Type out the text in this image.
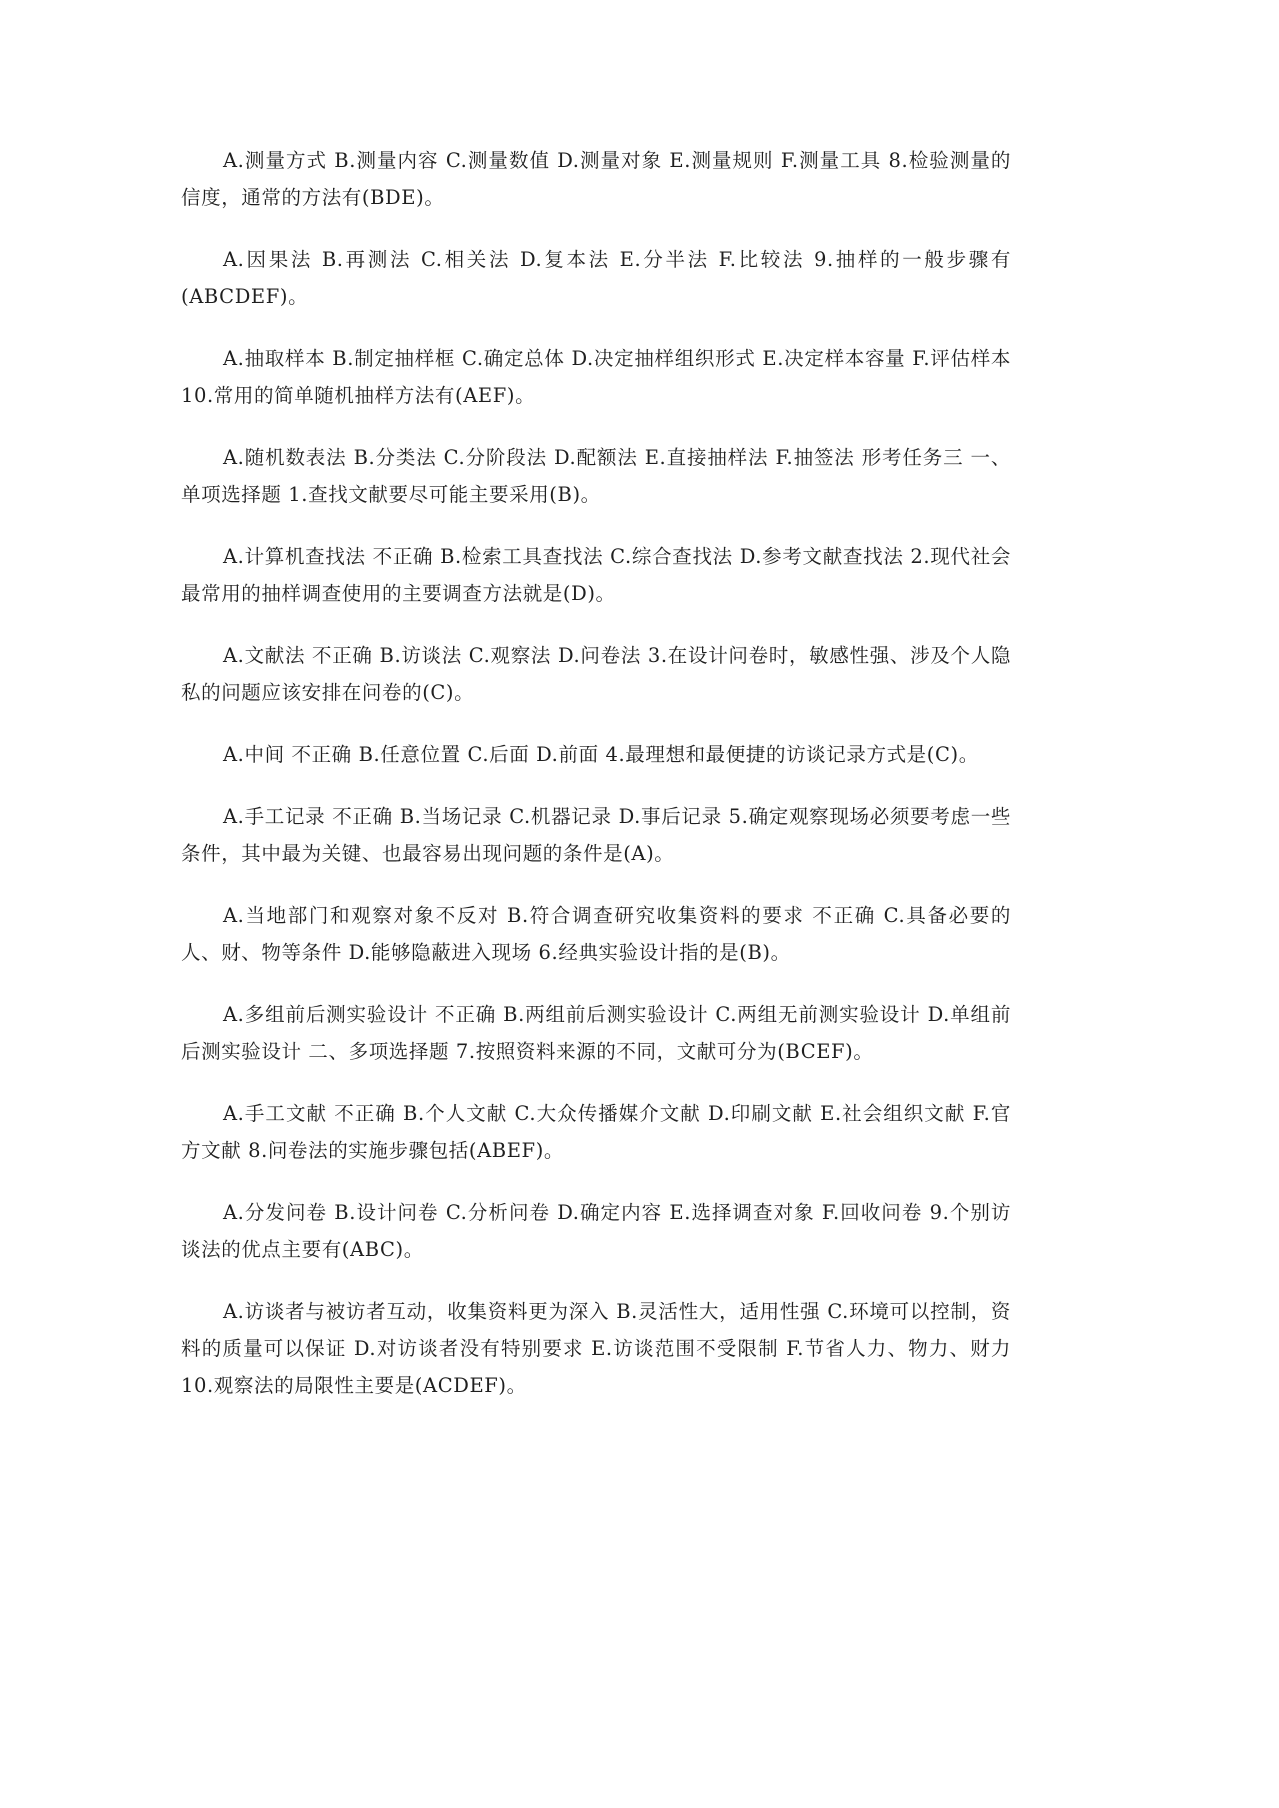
A.测量方式 B.测量内容 C.测量数值 D.测量对象 E.测量规则 F.测量工具 8.检验测量的信度，通常的方法有(BDE)。

A.因果法 B.再测法 C.相关法 D.复本法 E.分半法 F.比较法 9.抽样的一般步骤有(ABCDEF)。

A.抽取样本 B.制定抽样框 C.确定总体 D.决定抽样组织形式 E.决定样本容量 F.评估样本 10.常用的简单随机抽样方法有(AEF)。

A.随机数表法 B.分类法 C.分阶段法 D.配额法 E.直接抽样法 F.抽签法 形考任务三 一、单项选择题 1.查找文献要尽可能主要采用(B)。

A.计算机查找法 不正确 B.检索工具查找法 C.综合查找法 D.参考文献查找法 2.现代社会最常用的抽样调查使用的主要调查方法就是(D)。

A.文献法 不正确 B.访谈法 C.观察法 D.问卷法 3.在设计问卷时，敏感性强、涉及个人隐私的问题应该安排在问卷的(C)。

A.中间 不正确 B.任意位置 C.后面 D.前面 4.最理想和最便捷的访谈记录方式是(C)。

A.手工记录 不正确 B.当场记录 C.机器记录 D.事后记录 5.确定观察现场必须要考虑一些条件，其中最为关键、也最容易出现问题的条件是(A)。

A.当地部门和观察对象不反对 B.符合调查研究收集资料的要求 不正确 C.具备必要的人、财、物等条件 D.能够隐蔽进入现场 6.经典实验设计指的是(B)。

A.多组前后测实验设计 不正确 B.两组前后测实验设计 C.两组无前测实验设计 D.单组前后测实验设计 二、多项选择题 7.按照资料来源的不同，文献可分为(BCEF)。

A.手工文献 不正确 B.个人文献 C.大众传播媒介文献 D.印刷文献 E.社会组织文献 F.官方文献 8.问卷法的实施步骤包括(ABEF)。

A.分发问卷 B.设计问卷 C.分析问卷 D.确定内容 E.选择调查对象 F.回收问卷 9.个别访谈法的优点主要有(ABC)。

A.访谈者与被访者互动，收集资料更为深入 B.灵活性大，适用性强 C.环境可以控制，资料的质量可以保证 D.对访谈者没有特别要求 E.访谈范围不受限制 F.节省人力、物力、财力 10.观察法的局限性主要是(ACDEF)。
